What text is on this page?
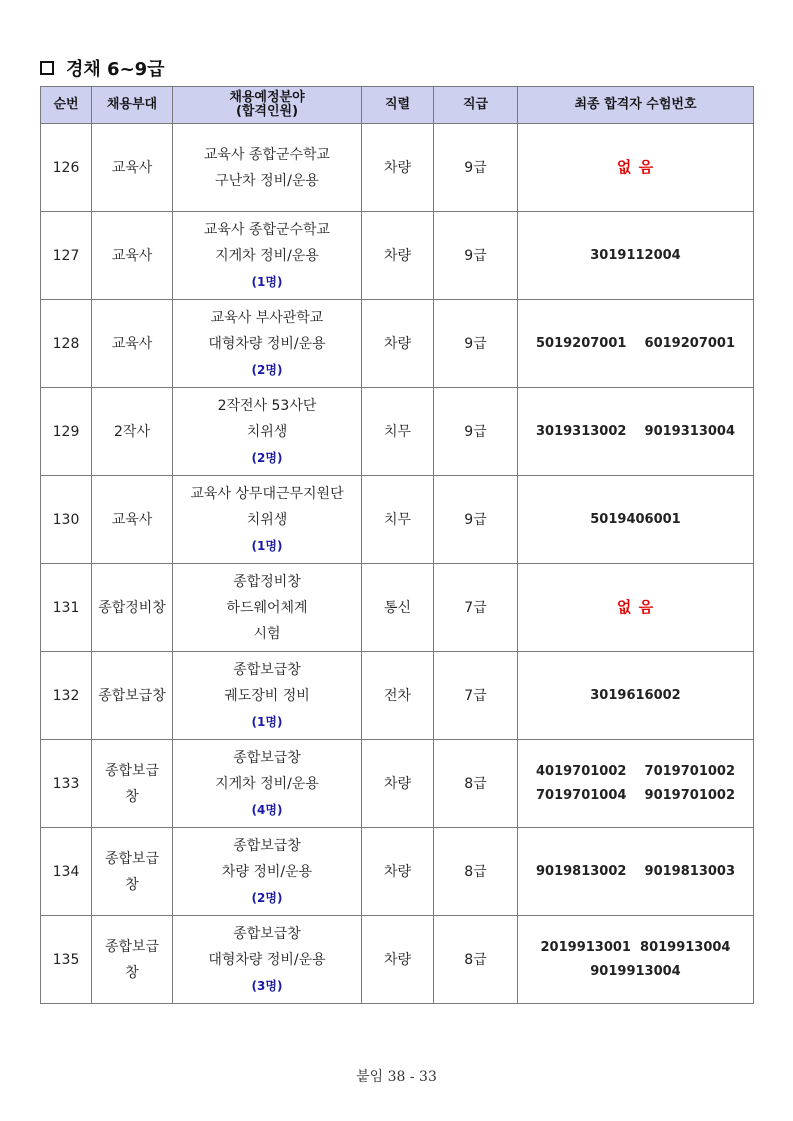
경채 6~9급
순번	채용부대	채용예정분야
(합격인원)	직렬	직급	최종 합격자 수험번호
126	교육사	교육사 종합군수학교
구난차 정비/운용	차량	9급	없 음
127	교육사	교육사 종합군수학교
지게차 정비/운용
(1명)	차량	9급	3019112004

128	교육사	교육사 부사관학교
대형차량 정비/운용
(2명)	차량	9급	5019207001    6019207001

129	2작사	2작전사 53사단
치위생
(2명)	치무	9급	3019313002    9019313004

130	교육사	교육사 상무대근무지원단
치위생
(1명)	치무	9급	5019406001

131	종합정비창	종합정비창
하드웨어체계
시험	통신	7급	없 음
132	종합보급창	종합보급창
궤도장비 정비
(1명)	전차	7급	3019616002

133	종합보급창	종합보급창
지게차 정비/운용
(4명)	차량	8급	4019701002    7019701002
7019701004    9019701002

134	종합보급창	종합보급창
차량 정비/운용
(2명)	차량	8급	9019813002    9019813003

135	종합보급창	종합보급창
대형차량 정비/운용
(3명)	차량	8급	2019913001  8019913004
9019913004
붙임 38 - 33
